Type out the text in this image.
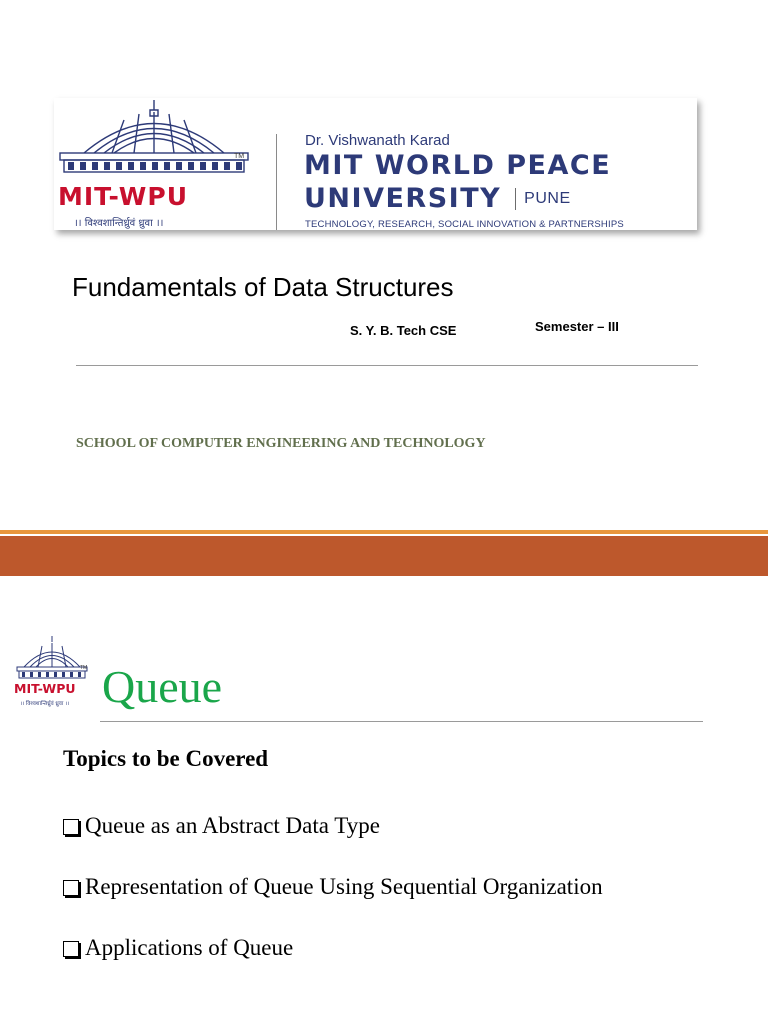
TM
MIT-WPU
।। विश्वशान्तिर्ध्रुवं ध्रुवा ।।
Dr. Vishwanath Karad
MIT WORLD PEACE
UNIVERSITY PUNE
TECHNOLOGY, RESEARCH, SOCIAL INNOVATION & PARTNERSHIPS
Fundamentals of Data Structures
S. Y. B. Tech CSE	Semester – III
SCHOOL OF COMPUTER ENGINEERING AND TECHNOLOGY
TM
MIT-WPU
।। विश्वशान्तिर्ध्रुवं ध्रुवा ।। Queue
Topics to be Covered
Queue as an Abstract Data Type
Representation of Queue Using Sequential Organization
Applications of Queue
